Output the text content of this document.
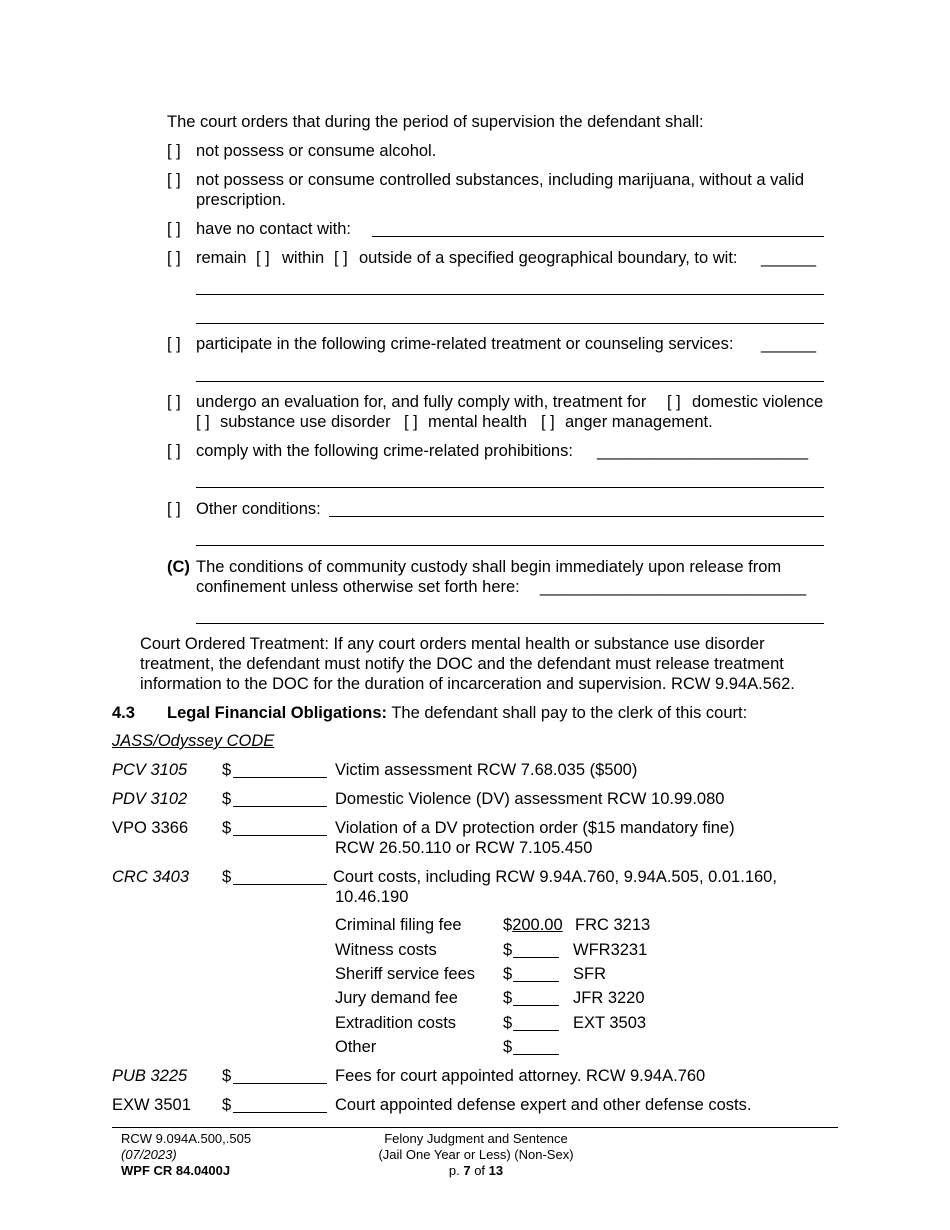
The court orders that during the period of supervision the defendant shall:
[ ] not possess or consume alcohol.
[ ] not possess or consume controlled substances, including marijuana, without a valid
prescription.
[ ] have no contact with:
[ ] remain [ ] within [ ] outside of a specified geographical boundary, to wit: ______
[ ] participate in the following crime-related treatment or counseling services: ______
[ ] undergo an evaluation for, and fully comply with, treatment for [ ] domestic violence
[ ] substance use disorder [ ] mental health [ ] anger management.
[ ] comply with the following crime-related prohibitions: _______________________
[ ] Other conditions:
(C) The conditions of community custody shall begin immediately upon release from
confinement unless otherwise set forth here: _____________________________
Court Ordered Treatment: If any court orders mental health or substance use disorder
treatment, the defendant must notify the DOC and the defendant must release treatment
information to the DOC for the duration of incarceration and supervision. RCW 9.94A.562.
4.3 Legal Financial Obligations: The defendant shall pay to the clerk of this court:
JASS/Odyssey CODE
PCV 3105 $	Victim assessment RCW 7.68.035 ($500)
PDV 3102 $	Domestic Violence (DV) assessment RCW 10.99.080
VPO 3366 $	Violation of a DV protection order ($15 mandatory fine)
RCW 26.50.110 or RCW 7.105.450
CRC 3403 $	Court costs, including RCW 9.94A.760, 9.94A.505, 0.01.160,
10.46.190
Criminal filing fee	$200.00 FRC 3213
Witness costs	$	WFR3231
Sheriff service fees $	SFR
Jury demand fee	$	JFR 3220
Extradition costs	$	EXT 3503
Other	$
PUB 3225 $	Fees for court appointed attorney. RCW 9.94A.760
EXW 3501 $	Court appointed defense expert and other defense costs.
RCW 9.094A.500,.505
(07/2023)
WPF CR 84.0400J
Felony Judgment and Sentence
(Jail One Year or Less) (Non-Sex)
p. 7 of 13
